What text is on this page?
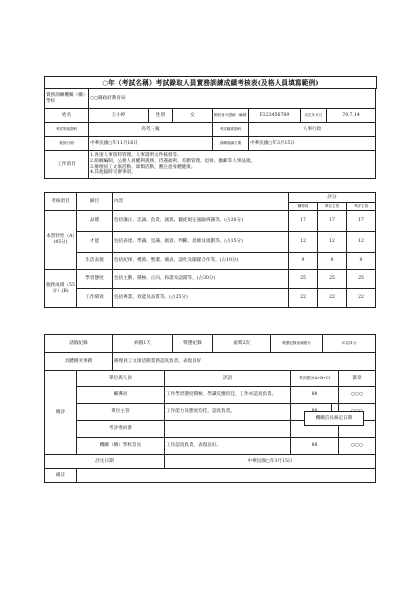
○年（考試名稱）考試錄取人員實務訓練成績考核表(及格人員填寫範例)
實務訓練機關（構）學校	○○縣政府教育局						
姓名	王小婷	性別	女	國民身分證統一編號	F223456789	出生年月日	70.7.14
考試等級類科	高考三級			考試職系類科	人事行政		
報到日期	中華民國○年11月16日			訓練期滿日期	中華民國○年3月15日		
工作項目	1.各項人事資料管理、人事證明文件核發等。
2.組織編制、公務人員權利義務、待遇福利、差勤管理、退休、撫卹等人事法規。
3.辦理員工文康活動、球類活動，應注意身體健康。
4.其他臨時交辦事項。						
考核項目	細目	內容	評分		
			輔導員	單位主管	考評主管
本質特性（A）(45分)	品德	包括廉正、忠誠、負責、誠篤、聽從規定風險辨識等。(占20分)	17	17	17
	才能	包括表達、學識、見識、創意、判斷、思維及規劃等。(占15分)	12	12	12
	生活表現	包括紀律、禮節、整潔、儀表、談吐及團隊合作等。(占10分)	9	9	9
服務成績（55分）(B)	學習態度	包括主動、積極、正向、和諧及認錯等。(占30分)	25	25	25
	工作績效	包括專業、效能及品質等。(占25分)	22	22	22
請假紀錄	病假1天	獎懲紀錄	嘉獎2次	獎懲紀錄加減總分	(C)加1分
具體優劣事蹟	辦理員工文康活動業務認真負責，表現良好				
總評	單位與人員	評語	考評總分(A+B+C)	簽章
	輔導員	工作學習態度積極，學識反應均佳，工作亦認真負責。	88	○○○
	單位主管	工作能力及態度均佳，認真負責。		
	考評委員會			
	機關（構）學校首長	工作認真負責，表現良好。	88	○○○
評定日期		中華民國○年3月15日		
備註				
機關首長核定日期
